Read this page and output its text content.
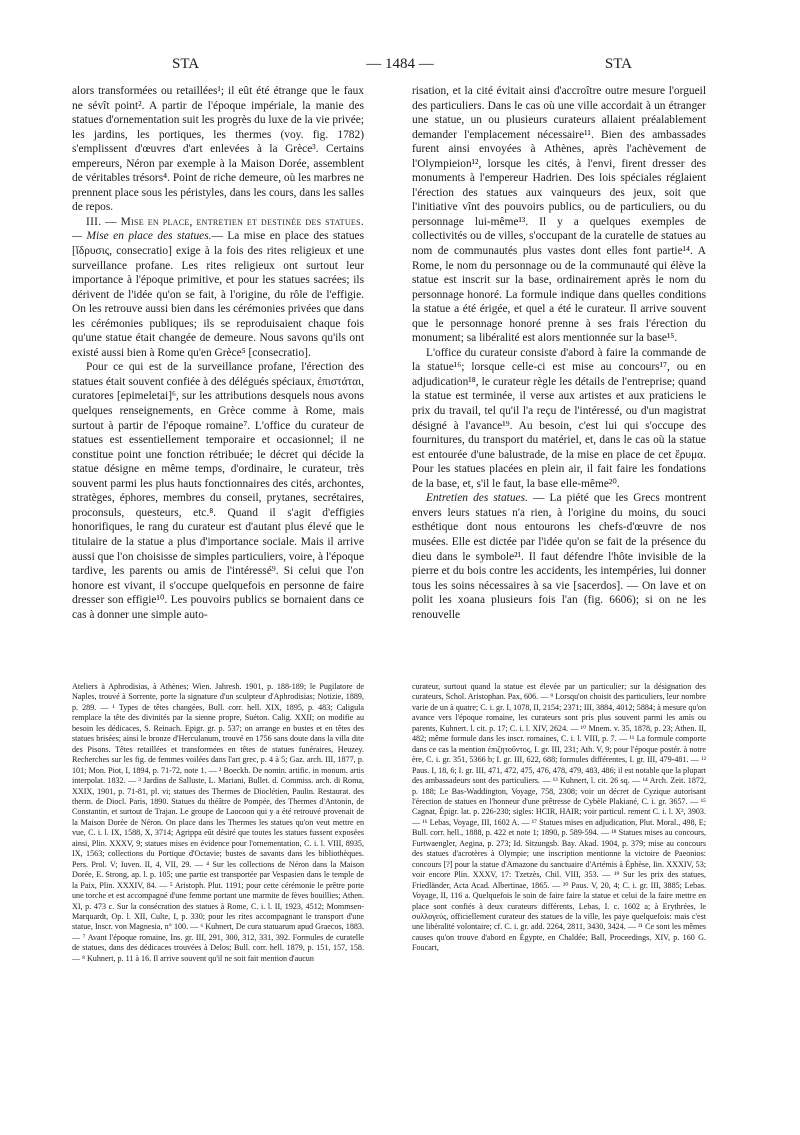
STA	— 1484 —	STA

alors transformées ou retaillées¹; il eût été étrange que le faux ne sévît point². A partir de l'époque impériale, la manie des statues d'ornementation suit les progrès du luxe de la vie privée; les jardins, les portiques, les thermes (voy. fig. 1782) s'emplissent d'œuvres d'art enlevées à la Grèce³. Certains empereurs, Néron par exemple à la Maison Dorée, assemblent de véritables trésors⁴. Point de riche demeure, où les marbres ne prennent place sous les péristyles, dans les cours, dans les salles de repos.

III. — Mise en place, entretien et destinée des statues. — Mise en place des statues.— La mise en place des statues [ἵδρυσις, consecratio] exige à la fois des rites religieux et une surveillance profane. Les rites religieux ont surtout leur importance à l'époque primitive, et pour les statues sacrées; ils dérivent de l'idée qu'on se fait, à l'origine, du rôle de l'effigie. On les retrouve aussi bien dans les cérémonies privées que dans les cérémonies publiques; ils se reproduisaient chaque fois qu'une statue était changée de demeure. Nous savons qu'ils ont existé aussi bien à Rome qu'en Grèce⁵ [consecratio].

Pour ce qui est de la surveillance profane, l'érection des statues était souvent confiée à des délégués spéciaux, ἐπιστάται, curatores [epimeletai]⁶, sur les attributions desquels nous avons quelques renseignements, en Grèce comme à Rome, mais surtout à partir de l'époque romaine⁷. L'office du curateur de statues est essentiellement temporaire et occasionnel; il ne constitue point une fonction rétribuée; le décret qui décide la statue désigne en même temps, d'ordinaire, le curateur, très souvent parmi les plus hauts fonctionnaires des cités, archontes, stratèges, éphores, membres du conseil, prytanes, secrétaires, proconsuls, questeurs, etc.⁸. Quand il s'agit d'effigies honorifiques, le rang du curateur est d'autant plus élevé que le titulaire de la statue a plus d'importance sociale. Mais il arrive aussi que l'on choisisse de simples particuliers, voire, à l'époque tardive, les parents ou amis de l'intéressé⁹. Si celui que l'on honore est vivant, il s'occupe quelquefois en personne de faire dresser son effigie¹⁰. Les pouvoirs publics se bornaient dans ce cas à donner une simple auto-

risation, et la cité évitait ainsi d'accroître outre mesure l'orgueil des particuliers. Dans le cas où une ville accordait à un étranger une statue, un ou plusieurs curateurs allaient préalablement demander l'emplacement nécessaire¹¹. Bien des ambassades furent ainsi envoyées à Athènes, après l'achèvement de l'Olympieion¹², lorsque les cités, à l'envi, firent dresser des monuments à l'empereur Hadrien. Des lois spéciales réglaient l'érection des statues aux vainqueurs des jeux, soit que l'initiative vînt des pouvoirs publics, ou de particuliers, ou du personnage lui-même¹³. Il y a quelques exemples de collectivités ou de villes, s'occupant de la curatelle de statues au nom de communautés plus vastes dont elles font partie¹⁴. A Rome, le nom du personnage ou de la communauté qui élève la statue est inscrit sur la base, ordinairement après le nom du personnage honoré. La formule indique dans quelles conditions la statue a été érigée, et quel a été le curateur. Il arrive souvent que le personnage honoré prenne à ses frais l'érection du monument; sa libéralité est alors mentionnée sur la base¹⁵.

L'office du curateur consiste d'abord à faire la commande de la statue¹⁶; lorsque celle-ci est mise au concours¹⁷, ou en adjudication¹⁸, le curateur règle les détails de l'entreprise; quand la statue est terminée, il verse aux artistes et aux praticiens le prix du travail, tel qu'il l'a reçu de l'intéressé, ou d'un magistrat désigné à l'avance¹⁹. Au besoin, c'est lui qui s'occupe des fournitures, du transport du matériel, et, dans le cas où la statue est entourée d'une balustrade, de la mise en place de cet ἕρυμα. Pour les statues placées en plein air, il fait faire les fondations de la base, et, s'il le faut, la base elle-même²⁰.

Entretien des statues. — La piété que les Grecs montrent envers leurs statues n'a rien, à l'origine du moins, du souci esthétique dont nous entourons les chefs-d'œuvre de nos musées. Elle est dictée par l'idée qu'on se fait de la présence du dieu dans le symbole²¹. Il faut défendre l'hôte invisible de la pierre et du bois contre les accidents, les intempéries, lui donner tous les soins nécessaires à sa vie [sacerdos]. — On lave et on polit les xoana plusieurs fois l'an (fig. 6606); si on ne les renouvelle

Ateliers à Aphrodisias, à Athènes; Wien. Jahresh. 1901, p. 188-189; le Pugilatore de Naples, trouvé à Sorrente, porte la signature d'un sculpteur d'Aphrodisias; Notizie, 1889, p. 289. — ¹ Types de têtes changées, Bull. corr. hell. XIX, 1895, p. 483; Caligula remplace la tête des divinités par la sienne propre, Suéton. Calig. XXII; on modifie au besoin les dédicaces, S. Reinach. Epigr. gr. p. 537; on arrange en bustes et en têtes des statues brisées; ainsi le bronze d'Herculanum, trouvé en 1756 sans doute dans la villa dite des Pisons. Têtes retaillées et transformées en têtes de statues funéraires, Heuzey. Recherches sur les fig. de femmes voilées dans l'art grec, p. 4 à 5; Gaz. arch. III, 1877, p. 101; Mon. Piot, I, 1894, p. 71-72, note 1. — ² Boeckh. De nomin. artific. in monum. artis interpolat. 1832. — ³ Jardins de Salluste, L. Mariani, Bullet. d. Commiss. arch. di Roma, XXIX, 1901, p. 71-81, pl. vi; statues des Thermes de Dioclétien, Paulin. Restaurat. des therm. de Diocl. Paris, 1890. Statues du théâtre de Pompée, des Thermes d'Antonin, de Constantin, et surtout de Trajan. Le groupe de Laocoon qui y a été retrouvé provenait de la Maison Dorée de Néron. On place dans les Thermes les statues qu'on veut mettre en vue, C. i. l. IX, 1588, X, 3714; Agrippa eût désiré que toutes les statues fussent exposées ainsi, Plin. XXXV, 9; statues mises en évidence pour l'ornementation, C. i. l. VIII, 8935, IX, 1563; collections du Portique d'Octavie; bustes de savants dans les bibliothèques. Pers. Prol. V; Iuven. II, 4, VII, 29. — ⁴ Sur les collections de Néron dans la Maison Dorée, E. Strong, ap. l. p. 105; une partie est transportée par Vespasien dans le temple de la Paix, Plin. XXXIV, 84. — ⁵ Aristoph. Plut. 1191; pour cette cérémonie le prêtre porte une torche et est accompagné d'une femme portant une marmite de fèves bouillies; Athen. XI, p. 473 c. Sur la consécration des statues à Rome, C. i. l. II, 1923, 4512; Mommsen-Marquardt, Op. l. XII, Culte, I, p. 330; pour les rites accompagnant le transport d'une statue, Inscr. von Magnesia, n° 100. — ⁶ Kuhnert, De cura statuarum apud Graecos, 1883. — ⁷ Avant l'époque romaine, Ins. gr. III, 291, 300, 312, 331, 392. Formules de curatelle de statues, dans des dédicaces trouvées à Delos; Bull. corr. hell. 1879, p. 151, 157, 158. — ⁸ Kuhnert, p. 11 à 16. Il arrive souvent qu'il ne soit fait mention d'aucun

curateur, surtout quand la statue est élevée par un particulier; sur la désignation des curateurs, Schol. Aristophan. Pax, 606. — ⁹ Lorsqu'on choisit des particuliers, leur nombre varie de un à quatre; C. i. gr. I, 1078, II, 2154; 2371; III, 3884, 4012; 5884; à mesure qu'on avance vers l'époque romaine, les curateurs sont pris plus souvent parmi les amis ou parents, Kuhnert. l. cit. p. 17; C. i. l. XIV, 2624. — ¹⁰ Mnem. v. 35, 1878, p. 23; Athen. II, 482; même formule dans les inscr. romaines, C. i. l. VIII, p. 7. — ¹¹ La formule comporte dans ce cas la mention ἐπιζητοῦντος, I. gr. III, 231; Ath. V, 9; pour l'époque postér. à notre ère, C. i. gr. 351, 5366 b; I. gr. III, 622, 688; formules différentes, I. gr. III, 479-481. — ¹² Paus. I, 18, 6; I. gr. III, 471, 472, 475, 476, 478, 479, 483, 486; il est notable que la plupart des ambassadeurs sont des particuliers. — ¹³ Kuhnert, l. cit. 26 sq. — ¹⁴ Arch. Zeit. 1872, p. 188; Le Bas-Waddington, Voyage, 758, 2308; voir un décret de Cyzique autorisant l'érection de statues en l'honneur d'une prêtresse de Cybèle Plakiané, C. i. gr. 3657. — ¹⁵ Cagnat, Épigr. lat. p. 226-230; sigles: HCIR, HAIR; voir particul. rement C. i. l. X², 3903. — ¹⁶ Lebas, Voyage, III, 1602 A. — ¹⁷ Statues mises en adjudication, Plut. Moral., 498, E; Bull. corr. hell., 1888, p. 422 et note 1; 1890, p. 589-594. — ¹⁸ Statues mises au concours, Furtwaengler, Aegina, p. 273; Id. Sitzungsb. Bay. Akad. 1904, p. 379; mise au concours des statues d'acrotères à Olympie; une inscription mentionne la victoire de Paeonios: concours [?] pour la statue d'Amazone du sanctuaire d'Artémis à Éphèse, Iin. XXXIV, 53; voir encore Plin. XXXV, 17: Tzetzès, Chil. VIII, 353. — ¹⁹ Sur les prix des statues, Friedländer, Acta Acad. Albertinae, 1865. — ²⁰ Paus. V, 20, 4; C. i. gr. III, 3885; Lebas. Voyage, II, 116 a. Quelquefois le soin de faire faire la statue et celui de la faire mettre en place sont confiés à deux curateurs différents, Lebas, I. c. 1602 a; à Erythrées, le συλλογεύς, officiellement curateur des statues de la ville, les paye quelquefois: mais c'est une libéralité volontaire; cf. C. i. gr. add. 2264, 2811, 3430, 3424. — ²¹ Ce sont les mêmes causes qu'on trouve d'abord en Égypte, en Chaldée; Ball, Proceedings, XIV, p. 160 G. Foucart,
